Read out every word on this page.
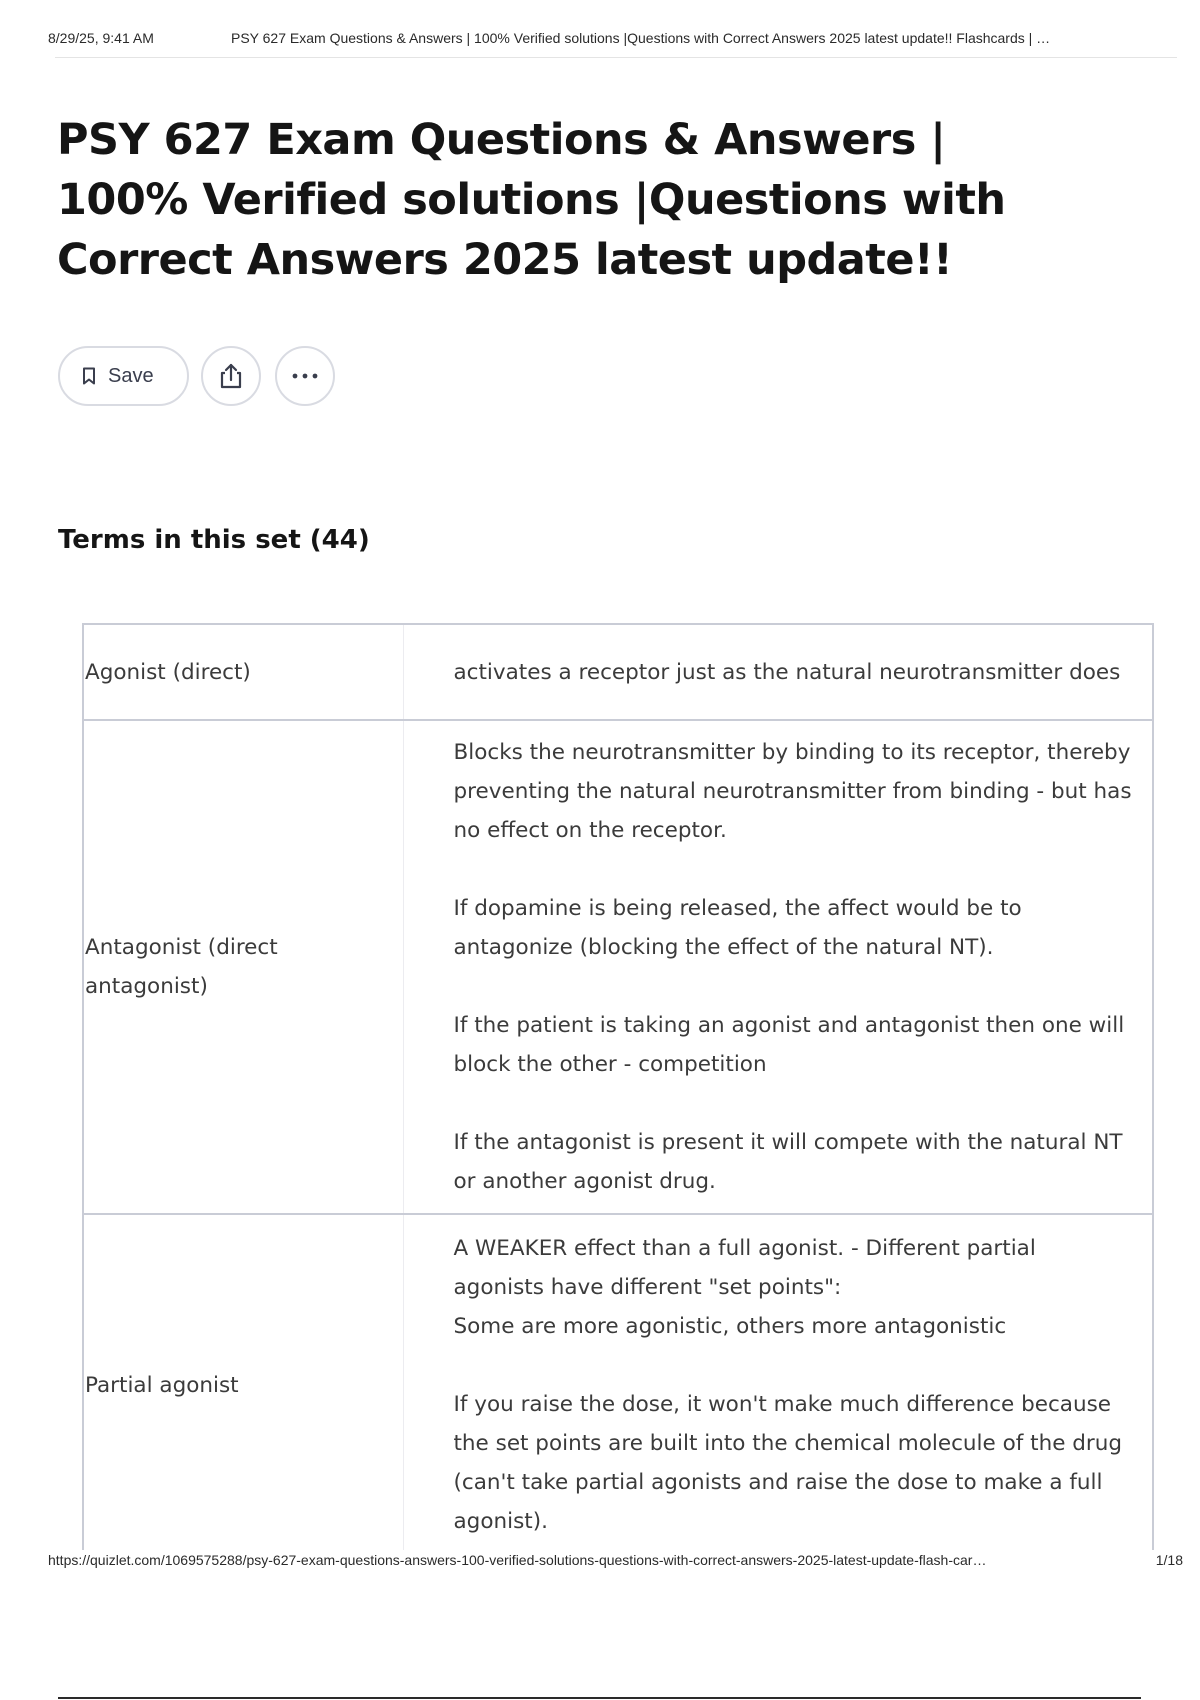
8/29/25, 9:41 AM	PSY 627 Exam Questions & Answers | 100% Verified solutions |Questions with Correct Answers 2025 latest update!! Flashcards | …
PSY 627 Exam Questions & Answers | 100% Verified solutions |Questions with Correct Answers 2025 latest update!!
Save
Terms in this set (44)
Agonist (direct)	activates a receptor just as the natural neurotransmitter does

Antagonist (direct antagonist)	Blocks the neurotransmitter by binding to its receptor, thereby preventing the natural neurotransmitter from binding - but has no effect on the receptor.

If dopamine is being released, the affect would be to antagonize (blocking the effect of the natural NT).

If the patient is taking an agonist and antagonist then one will block the other - competition

If the antagonist is present it will compete with the natural NT or another agonist drug.

Partial agonist	A WEAKER effect than a full agonist. - Different partial agonists have different "set points":
Some are more agonistic, others more antagonistic
If you raise the dose, it won't make much difference because the set points are built into the chemical molecule of the drug (can't take partial agonists and raise the dose to make a full agonist).
https://quizlet.com/1069575288/psy-627-exam-questions-answers-100-verified-solutions-questions-with-correct-answers-2025-latest-update-flash-car…	1/18
